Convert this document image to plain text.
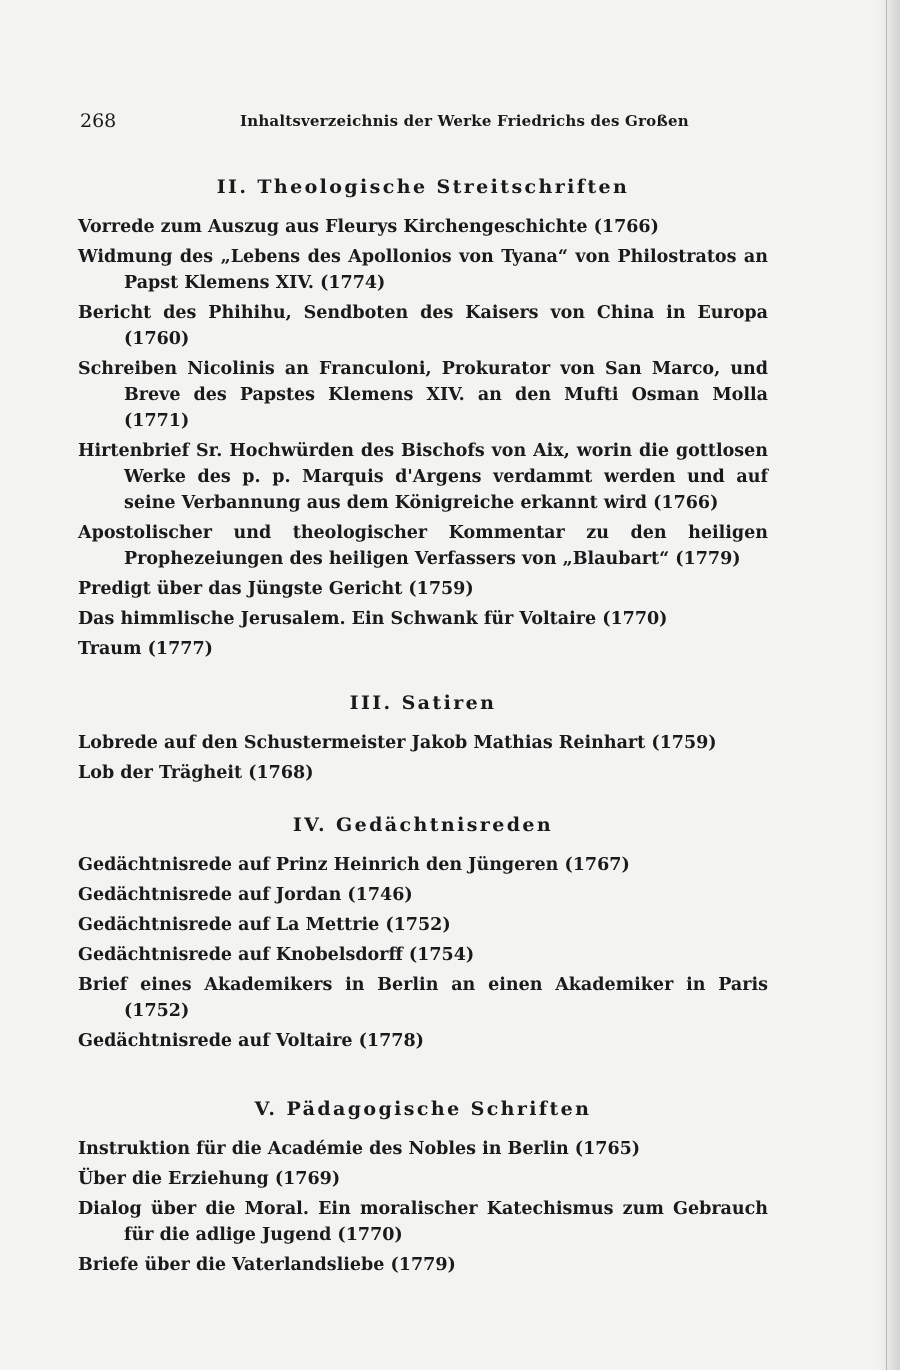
268	Inhaltsverzeichnis der Werke Friedrichs des Großen
II. Theologische Streitschriften
Vorrede zum Auszug aus Fleurys Kirchengeschichte (1766)
Widmung des „Lebens des Apollonios von Tyana“ von Philostratos an Papst Klemens XIV. (1774)
Bericht des Phihihu, Sendboten des Kaisers von China in Europa (1760)
Schreiben Nicolinis an Franculoni, Prokurator von San Marco, und Breve des Papstes Klemens XIV. an den Mufti Osman Molla (1771)
Hirtenbrief Sr. Hochwürden des Bischofs von Aix, worin die gottlosen Werke des p. p. Marquis d'Argens verdammt werden und auf seine Verbannung aus dem Königreiche erkannt wird (1766)
Apostolischer und theologischer Kommentar zu den heiligen Prophezeiungen des heiligen Verfassers von „Blaubart“ (1779)
Predigt über das Jüngste Gericht (1759)
Das himmlische Jerusalem. Ein Schwank für Voltaire (1770)
Traum (1777)
III. Satiren
Lobrede auf den Schustermeister Jakob Mathias Reinhart (1759)
Lob der Trägheit (1768)
IV. Gedächtnisreden
Gedächtnisrede auf Prinz Heinrich den Jüngeren (1767)
Gedächtnisrede auf Jordan (1746)
Gedächtnisrede auf La Mettrie (1752)
Gedächtnisrede auf Knobelsdorff (1754)
Brief eines Akademikers in Berlin an einen Akademiker in Paris (1752)
Gedächtnisrede auf Voltaire (1778)
V. Pädagogische Schriften
Instruktion für die Académie des Nobles in Berlin (1765)
Über die Erziehung (1769)
Dialog über die Moral. Ein moralischer Katechismus zum Gebrauch für die adlige Jugend (1770)
Briefe über die Vaterlandsliebe (1779)
